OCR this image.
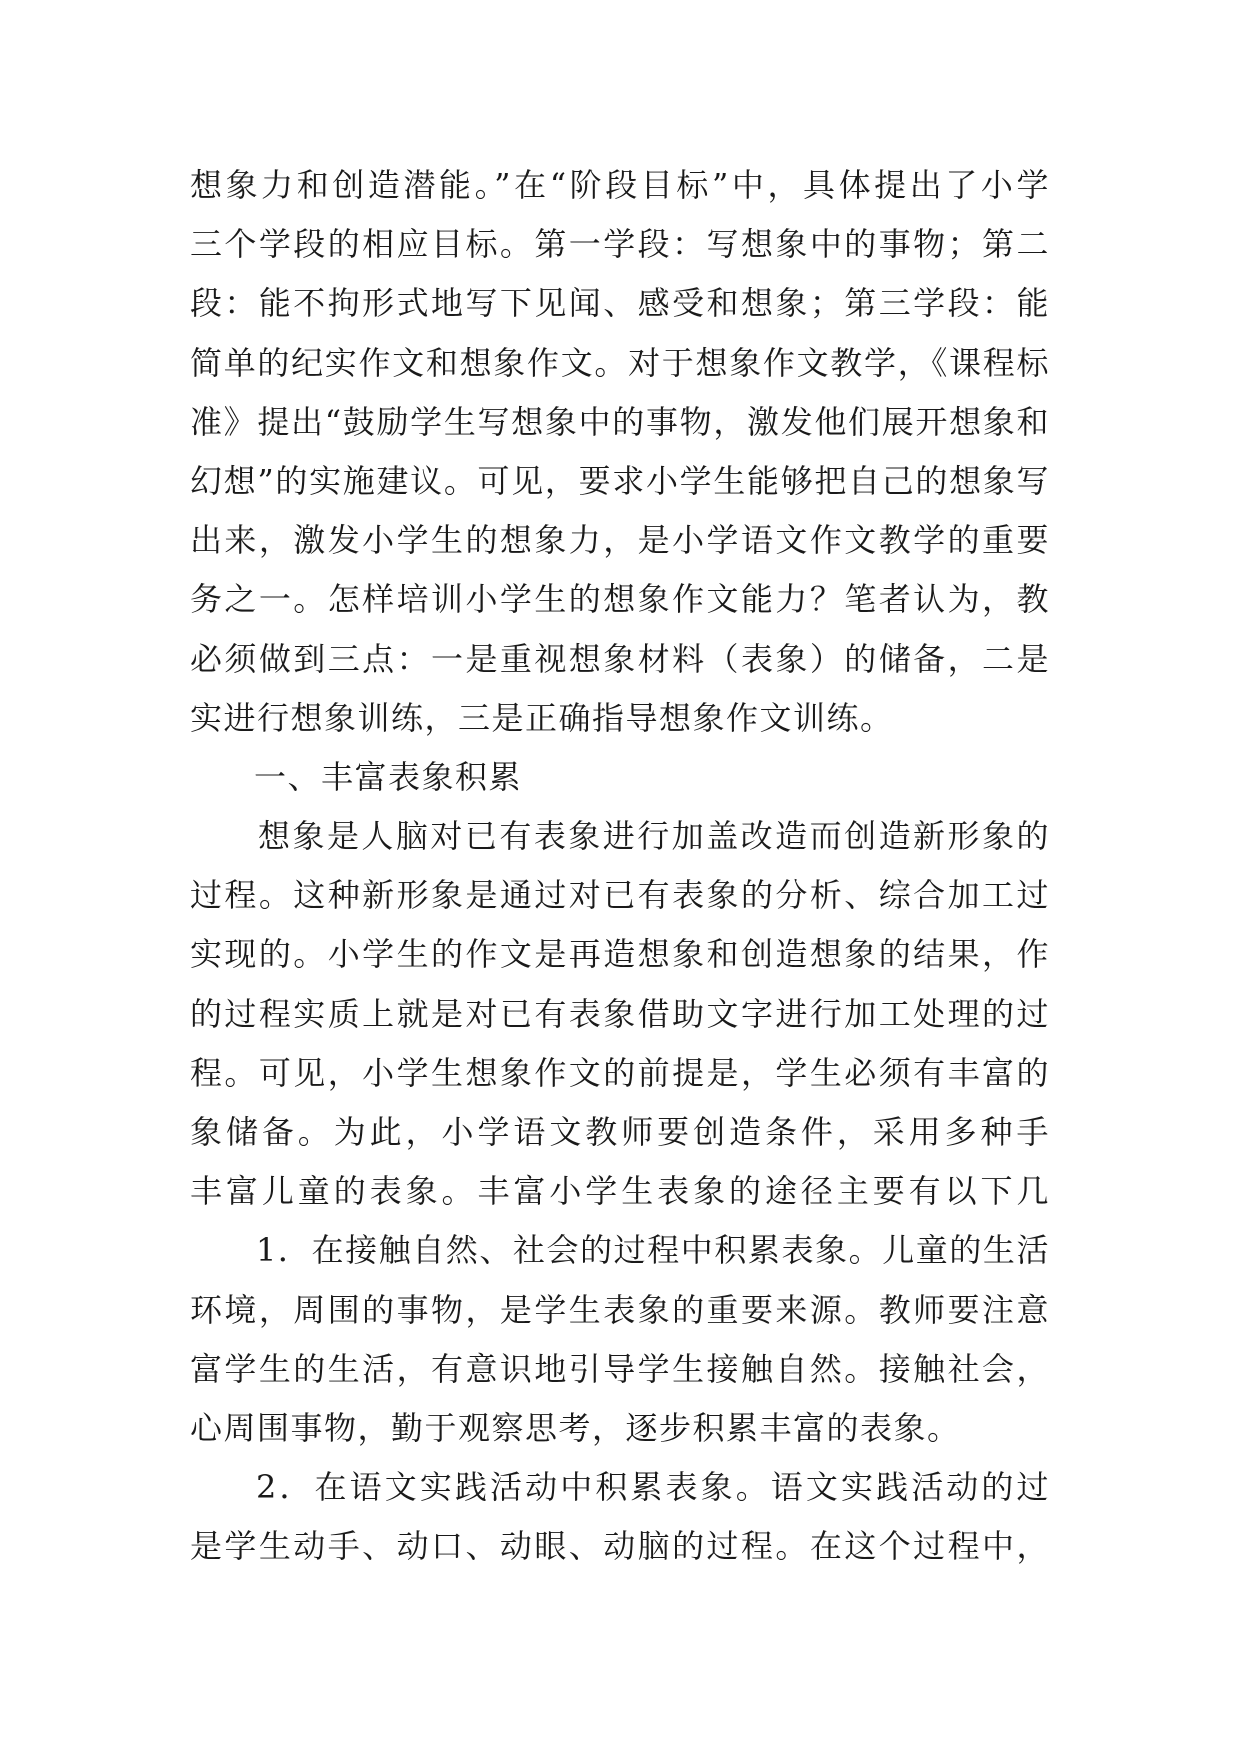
想象力和创造潜能。”在“阶段目标”中，具体提出了小学
三个学段的相应目标。第一学段：写想象中的事物；第二
段：能不拘形式地写下见闻、感受和想象；第三学段：能
简单的纪实作文和想象作文。对于想象作文教学，《课程标
准》提出“鼓励学生写想象中的事物，激发他们展开想象和
幻想”的实施建议。可见，要求小学生能够把自己的想象写
出来，激发小学生的想象力，是小学语文作文教学的重要
务之一。怎样培训小学生的想象作文能力？笔者认为，教
必须做到三点：一是重视想象材料（表象）的储备，二是
实进行想象训练，三是正确指导想象作文训练。
一、丰富表象积累
想象是人脑对已有表象进行加盖改造而创造新形象的
过程。这种新形象是通过对已有表象的分析、综合加工过
实现的。小学生的作文是再造想象和创造想象的结果，作
的过程实质上就是对已有表象借助文字进行加工处理的过
程。可见，小学生想象作文的前提是，学生必须有丰富的
象储备。为此，小学语文教师要创造条件，采用多种手
丰富儿童的表象。丰富小学生表象的途径主要有以下几
1．在接触自然、社会的过程中积累表象。儿童的生活
环境，周围的事物，是学生表象的重要来源。教师要注意
富学生的生活，有意识地引导学生接触自然。接触社会，
心周围事物，勤于观察思考，逐步积累丰富的表象。
2．在语文实践活动中积累表象。语文实践活动的过
是学生动手、动口、动眼、动脑的过程。在这个过程中，
